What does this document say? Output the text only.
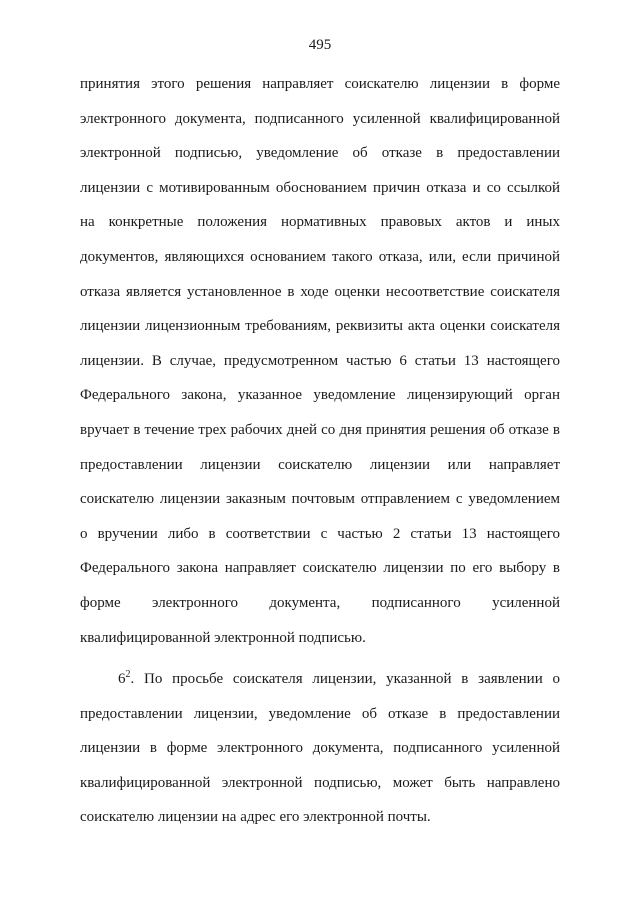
495
принятия этого решения направляет соискателю лицензии в форме
электронного документа, подписанного усиленной квалифицированной
электронной подписью, уведомление об отказе в предоставлении
лицензии с мотивированным обоснованием причин отказа и со ссылкой
на конкретные положения нормативных правовых актов и иных
документов, являющихся основанием такого отказа, или, если причиной
отказа является установленное в ходе оценки несоответствие соискателя
лицензии лицензионным требованиям, реквизиты акта оценки соискателя
лицензии. В случае, предусмотренном частью 6 статьи 13 настоящего
Федерального закона, указанное уведомление лицензирующий орган
вручает в течение трех рабочих дней со дня принятия решения об отказе в
предоставлении лицензии соискателю лицензии или направляет
соискателю лицензии заказным почтовым отправлением с уведомлением
о вручении либо в соответствии с частью 2 статьи 13 настоящего
Федерального закона направляет соискателю лицензии по его выбору в
форме электронного документа, подписанного усиленной
квалифицированной электронной подписью.
$6^2$. По просьбе соискателя лицензии, указанной в заявлении о
предоставлении лицензии, уведомление об отказе в предоставлении
лицензии в форме электронного документа, подписанного усиленной
квалифицированной электронной подписью, может быть направлено
соискателю лицензии на адрес его электронной почты.
